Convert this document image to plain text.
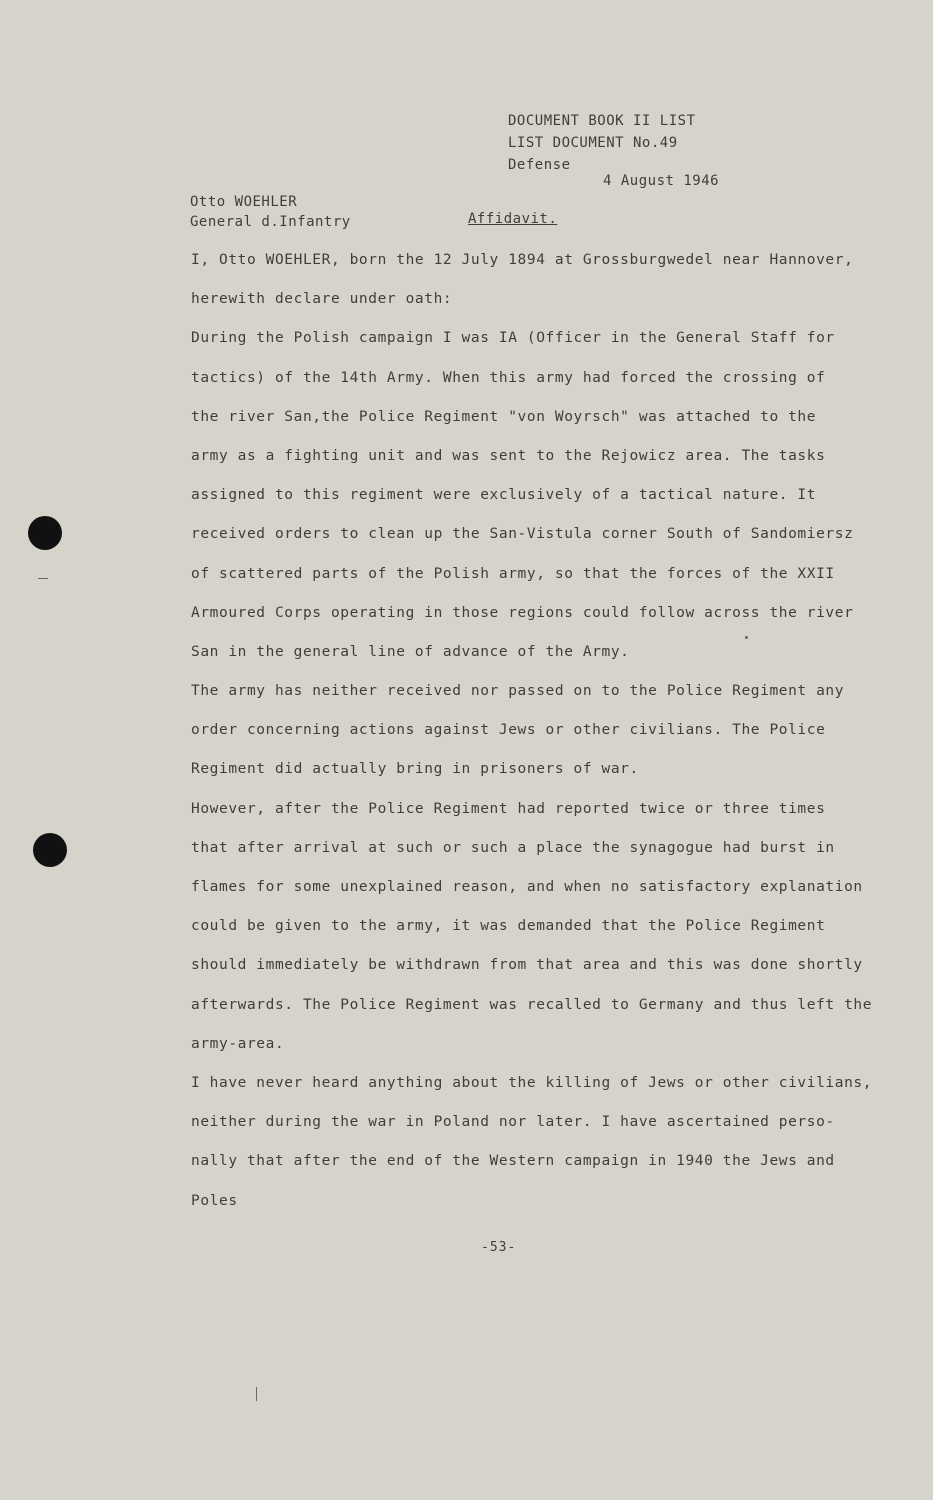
DOCUMENT BOOK II LIST
LIST DOCUMENT No.49
Defense
4 August 1946
Otto WOEHLER
General d.Infantry	Affidavit.
I, Otto WOEHLER, born the 12 July 1894 at Grossburgwedel near Hannover,
herewith declare under oath:
During the Polish campaign I was IA (Officer in the General Staff for
tactics) of the 14th Army. When this army had forced the crossing of
the river San,the Police Regiment "von Woyrsch" was attached to the
army as a fighting unit and was sent to the Rejowicz area. The tasks
assigned to this regiment were exclusively of a tactical nature. It
received orders to clean up the San-Vistula corner South of Sandomiersz
of scattered parts of the Polish army, so that the forces of the XXII
Armoured Corps operating in those regions could follow across the river
San in the general line of advance of the Army.
The army has neither received nor passed on to the Police Regiment any
order concerning actions against Jews or other civilians. The Police
Regiment did actually bring in prisoners of war.
However, after the Police Regiment had reported twice or three times
that after arrival at such or such a place the synagogue had burst in
flames for some unexplained reason, and when no satisfactory explanation
could be given to the army, it was demanded that the Police Regiment
should immediately be withdrawn from that area and this was done shortly
afterwards. The Police Regiment was recalled to Germany and thus left the
army-area.
I have never heard anything about the killing of Jews or other civilians,
neither during the war in Poland nor later. I have ascertained perso-
nally that after the end of the Western campaign in 1940 the Jews and
Poles
-53-
